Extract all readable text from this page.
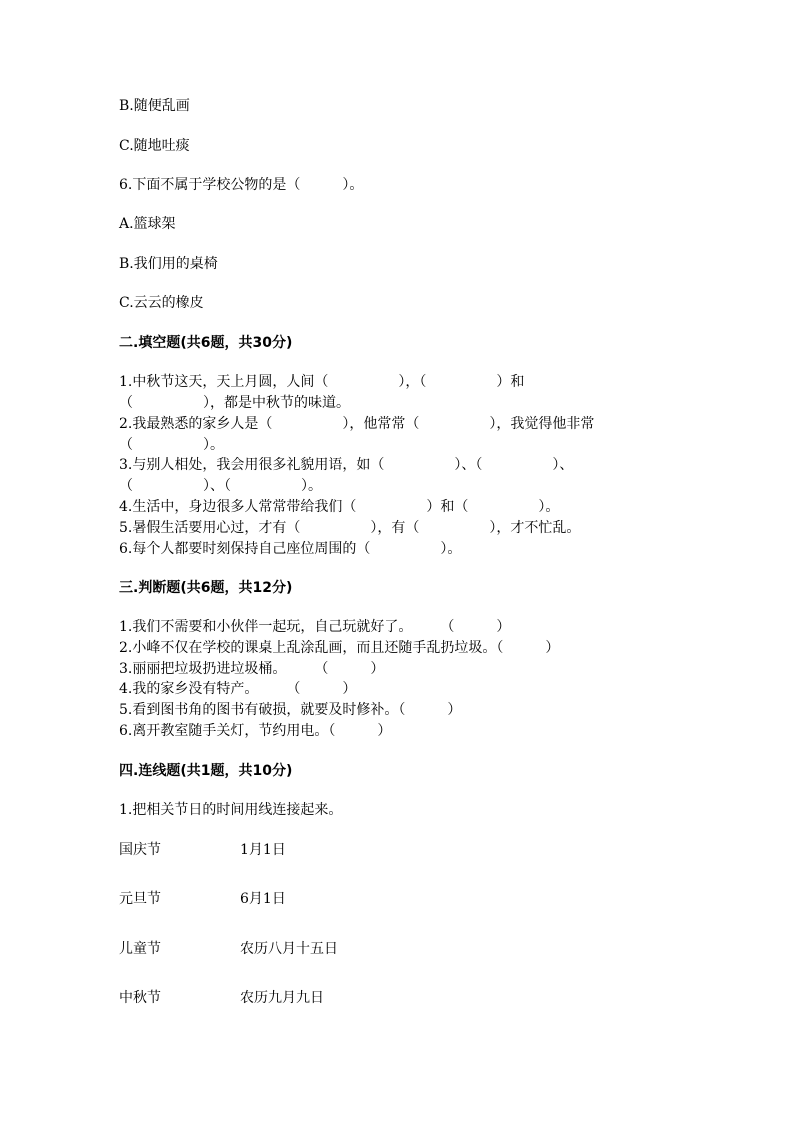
B.随便乱画
C.随地吐痰
6.下面不属于学校公物的是（　　　）。
A.篮球架
B.我们用的桌椅
C.云云的橡皮
二.填空题(共6题，共30分)
1.中秋节这天，天上月圆，人间（　　　　　），（　　　　　）和
（　　　　　），都是中秋节的味道。
2.我最熟悉的家乡人是（　　　　　），他常常（　　　　　），我觉得他非常
（　　　　　）。
3.与别人相处，我会用很多礼貌用语，如（　　　　　）、（　　　　　）、
（　　　　　）、（　　　　　）。
4.生活中，身边很多人常常带给我们（　　　　　）和（　　　　　）。
5.暑假生活要用心过，才有（　　　　　），有（　　　　　），才不忙乱。
6.每个人都要时刻保持自己座位周围的（　　　　　）。
三.判断题(共6题，共12分)
1.我们不需要和小伙伴一起玩，自己玩就好了。　　　（　　　）
2.小峰不仅在学校的课桌上乱涂乱画，而且还随手乱扔垃圾。（　　　）
3.丽丽把垃圾扔进垃圾桶。　　　（　　　）
4.我的家乡没有特产。　　　（　　　）
5.看到图书角的图书有破损，就要及时修补。（　　　）
6.离开教室随手关灯，节约用电。（　　　）
四.连线题(共1题，共10分)
1.把相关节日的时间用线连接起来。
国庆节	1月1日
元旦节	6月1日
儿童节	农历八月十五日
中秋节	农历九月九日
